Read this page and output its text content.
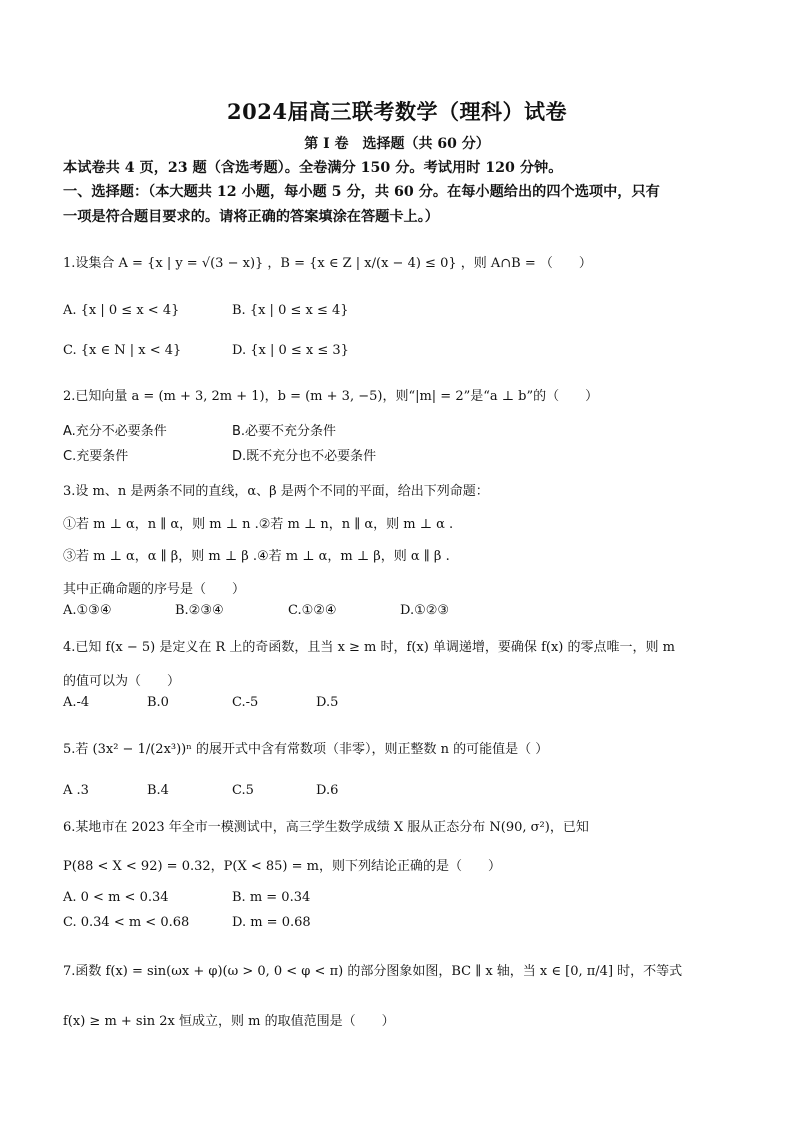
2024届高三联考数学（理科）试卷
第 I 卷　选择题（共 60 分）
本试卷共 4 页，23 题（含选考题）。全卷满分 150 分。考试用时 120 分钟。
一、选择题：（本大题共 12 小题，每小题 5 分，共 60 分。在每小题给出的四个选项中，只有
一项是符合题目要求的。请将正确的答案填涂在答题卡上。）
1.设集合 A = {x | y = √(3 − x)} ，B = {x ∈ Z | x/(x − 4) ≤ 0} ，则 A∩B = （　　）
A. {x | 0 ≤ x < 4}	B. {x | 0 ≤ x ≤ 4}
C. {x ∈ N | x < 4}	D. {x | 0 ≤ x ≤ 3}
2.已知向量 a = (m + 3, 2m + 1)，b = (m + 3, −5)，则“|m| = 2”是“a ⊥ b”的（　　）
A.充分不必要条件	B.必要不充分条件
C.充要条件	D.既不充分也不必要条件
3.设 m、n 是两条不同的直线，α、β 是两个不同的平面，给出下列命题：
①若 m ⊥ α，n ∥ α，则 m ⊥ n .②若 m ⊥ n，n ∥ α，则 m ⊥ α .
③若 m ⊥ α，α ∥ β，则 m ⊥ β .④若 m ⊥ α，m ⊥ β，则 α ∥ β .
其中正确命题的序号是（　　）
A.①③④	B.②③④	C.①②④	D.①②③
4.已知 f(x − 5) 是定义在 R 上的奇函数，且当 x ≥ m 时，f(x) 单调递增，要确保 f(x) 的零点唯一，则 m
的值可以为（　　）
A.-4	B.0	C.-5	D.5
5.若 (3x² − 1/(2x³))ⁿ 的展开式中含有常数项（非零），则正整数 n 的可能值是（ ）
A .3	B.4	C.5	D.6
6.某地市在 2023 年全市一模测试中，高三学生数学成绩 X 服从正态分布 N(90, σ²)，已知
P(88 < X < 92) = 0.32，P(X < 85) = m，则下列结论正确的是（　　）
A. 0 < m < 0.34	B. m = 0.34
C. 0.34 < m < 0.68	D. m = 0.68
7.函数 f(x) = sin(ωx + φ)(ω > 0, 0 < φ < π) 的部分图象如图，BC ∥ x 轴，当 x ∈ [0, π/4] 时，不等式
f(x) ≥ m + sin 2x 恒成立，则 m 的取值范围是（　　）
